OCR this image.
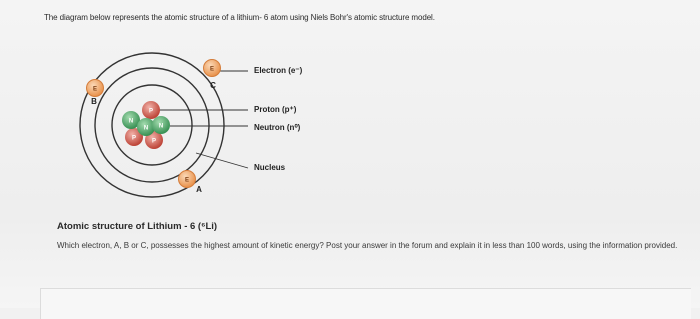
The diagram below represents the atomic structure of a lithium- 6 atom using Niels Bohr's atomic structure model.
E
B
E
C
E
A
P	P
P
N
N N
Electron (e⁻)
Proton (p⁺)
Neutron (n⁰)
Nucleus
Atomic structure of Lithium - 6 (⁶Li)
Which electron, A, B or C, possesses the highest amount of kinetic energy? Post your answer in the forum and explain it in less than 100 words, using the information provided.
